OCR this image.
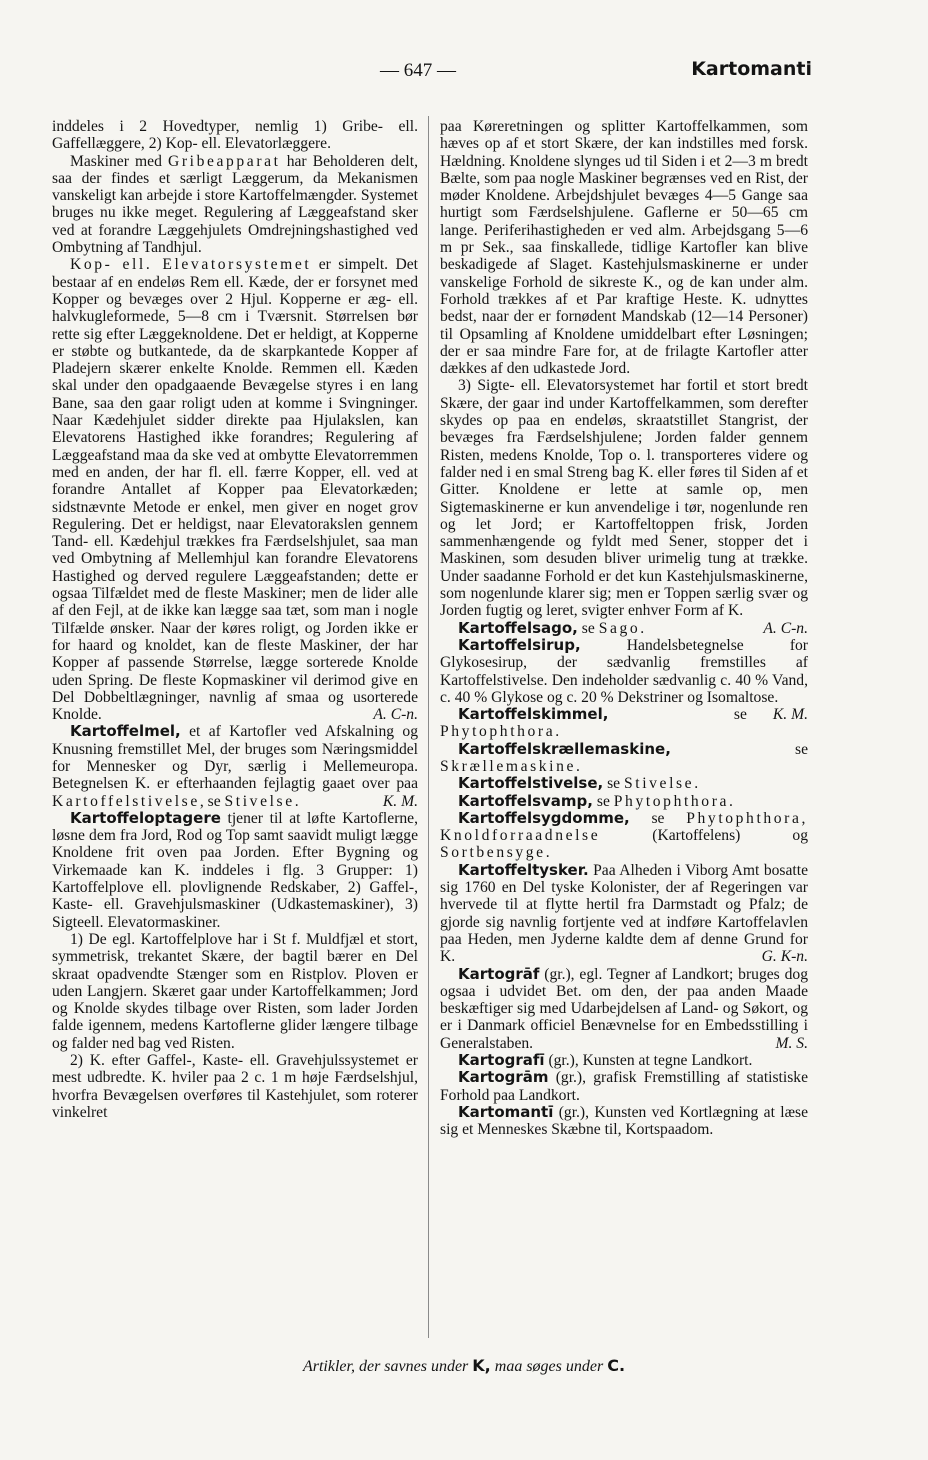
— 647 —	Kartomanti

inddeles i 2 Hovedtyper, nemlig 1) Gribe- ell. Gaffellæggere, 2) Kop- ell. Elevatorlæggere.

Maskiner med Gribeapparat har Beholderen delt, saa der findes et særligt Læggerum, da Mekanismen vanskeligt kan arbejde i store Kartoffelmængder. Systemet bruges nu ikke meget. Regulering af Læggeafstand sker ved at forandre Læggehjulets Omdrejningshastighed ved Ombytning af Tandhjul.

Kop- ell. Elevatorsystemet er simpelt. Det bestaar af en endeløs Rem ell. Kæde, der er forsynet med Kopper og bevæges over 2 Hjul. Kopperne er æg- ell. halvkugleformede, 5—8 cm i Tværsnit. Størrelsen bør rette sig efter Læggeknoldene. Det er heldigt, at Kopperne er støbte og butkantede, da de skarpkantede Kopper af Pladejern skærer enkelte Knolde. Remmen ell. Kæden skal under den opadgaaende Bevægelse styres i en lang Bane, saa den gaar roligt uden at komme i Svingninger. Naar Kædehjulet sidder direkte paa Hjulakslen, kan Elevatorens Hastighed ikke forandres; Regulering af Læggeafstand maa da ske ved at ombytte Elevatorremmen med en anden, der har fl. ell. færre Kopper, ell. ved at forandre Antallet af Kopper paa Elevatorkæden; sidstnævnte Metode er enkel, men giver en noget grov Regulering. Det er heldigst, naar Elevatorakslen gennem Tand- ell. Kædehjul trækkes fra Færdselshjulet, saa man ved Ombytning af Mellemhjul kan forandre Elevatorens Hastighed og derved regulere Læggeafstanden; dette er ogsaa Tilfældet med de fleste Maskiner; men de lider alle af den Fejl, at de ikke kan lægge saa tæt, som man i nogle Tilfælde ønsker. Naar der køres roligt, og Jorden ikke er for haard og knoldet, kan de fleste Maskiner, der har Kopper af passende Størrelse, lægge sorterede Knolde uden Spring. De fleste Kopmaskiner vil derimod give en Del Dobbeltlægninger, navnlig af smaa og usorterede Knolde.	A. C-n.

Kartoffelmel, et af Kartofler ved Afskalning og Knusning fremstillet Mel, der bruges som Næringsmiddel for Mennesker og Dyr, særlig i Mellemeuropa. Betegnelsen K. er efterhaanden fejlagtig gaaet over paa Kartoffelstivelse, se Stivelse.	K. M.

Kartoffeloptagere tjener til at løfte Kartoflerne, løsne dem fra Jord, Rod og Top samt saavidt muligt lægge Knoldene frit oven paa Jorden. Efter Bygning og Virkemaade kan K. inddeles i flg. 3 Grupper: 1) Kartoffelplove ell. plovlignende Redskaber, 2) Gaffel-, Kaste- ell. Gravehjulsmaskiner (Udkastemaskiner), 3) Sigteell. Elevatormaskiner.

1) De egl. Kartoffelplove har i St f. Muldfjæl et stort, symmetrisk, trekantet Skære, der bagtil bærer en Del skraat opadvendte Stænger som en Ristplov. Ploven er uden Langjern. Skæret gaar under Kartoffelkammen; Jord og Knolde skydes tilbage over Risten, som lader Jorden falde igennem, medens Kartoflerne glider længere tilbage og falder ned bag ved Risten.

2) K. efter Gaffel-, Kaste- ell. Gravehjulssystemet er mest udbredte. K. hviler paa 2 c. 1 m høje Færdselshjul, hvorfra Bevægelsen overføres til Kastehjulet, som roterer vinkelret

paa Køreretningen og splitter Kartoffelkammen, som hæves op af et stort Skære, der kan indstilles med forsk. Hældning. Knoldene slynges ud til Siden i et 2—3 m bredt Bælte, som paa nogle Maskiner begrænses ved en Rist, der møder Knoldene. Arbejdshjulet bevæges 4—5 Gange saa hurtigt som Færdselshjulene. Gaflerne er 50—65 cm lange. Periferihastigheden er ved alm. Arbejdsgang 5—6 m pr Sek., saa finskallede, tidlige Kartofler kan blive beskadigede af Slaget. Kastehjulsmaskinerne er under vanskelige Forhold de sikreste K., og de kan under alm. Forhold trækkes af et Par kraftige Heste. K. udnyttes bedst, naar der er fornødent Mandskab (12—14 Personer) til Opsamling af Knoldene umiddelbart efter Løsningen; der er saa mindre Fare for, at de frilagte Kartofler atter dækkes af den udkastede Jord.

3) Sigte- ell. Elevatorsystemet har fortil et stort bredt Skære, der gaar ind under Kartoffelkammen, som derefter skydes op paa en endeløs, skraatstillet Stangrist, der bevæges fra Færdselshjulene; Jorden falder gennem Risten, medens Knolde, Top o. l. transporteres videre og falder ned i en smal Streng bag K. eller føres til Siden af et Gitter. Knoldene er lette at samle op, men Sigtemaskinerne er kun anvendelige i tør, nogenlunde ren og let Jord; er Kartoffeltoppen frisk, Jorden sammenhængende og fyldt med Sener, stopper det i Maskinen, som desuden bliver urimelig tung at trække. Under saadanne Forhold er det kun Kastehjulsmaskinerne, som nogenlunde klarer sig; men er Toppen særlig svær og Jorden fugtig og leret, svigter enhver Form af K.
A. C-n.

Kartoffelsago, se Sago.

Kartoffelsirup, Handelsbetegnelse for Glykosesirup, der sædvanlig fremstilles af Kartoffelstivelse. Den indeholder sædvanlig c. 40 % Vand, c. 40 % Glykose og c. 20 % Dekstriner og Isomaltose.
K. M.

Kartoffelskimmel, se Phytophthora.

Kartoffelskrællemaskine, se Skrællemaskine.

Kartoffelstivelse, se Stivelse.

Kartoffelsvamp, se Phytophthora.

Kartoffelsygdomme, se Phytophthora, Knoldforraadnelse (Kartoffelens) og Sortbensyge.

Kartoffeltysker. Paa Alheden i Viborg Amt bosatte sig 1760 en Del tyske Kolonister, der af Regeringen var hvervede til at flytte hertil fra Darmstadt og Pfalz; de gjorde sig navnlig fortjente ved at indføre Kartoffelavlen paa Heden, men Jyderne kaldte dem af denne Grund for K.	G. K-n.

Kartogrāf (gr.), egl. Tegner af Landkort; bruges dog ogsaa i udvidet Bet. om den, der paa anden Maade beskæftiger sig med Udarbejdelsen af Land- og Søkort, og er i Danmark officiel Benævnelse for en Embedsstilling i Generalstaben.	M. S.

Kartografī (gr.), Kunsten at tegne Landkort.

Kartogrām (gr.), grafisk Fremstilling af statistiske Forhold paa Landkort.

Kartomantī (gr.), Kunsten ved Kortlægning at læse sig et Menneskes Skæbne til, Kortspaadom.

Artikler, der savnes under K, maa søges under C.
